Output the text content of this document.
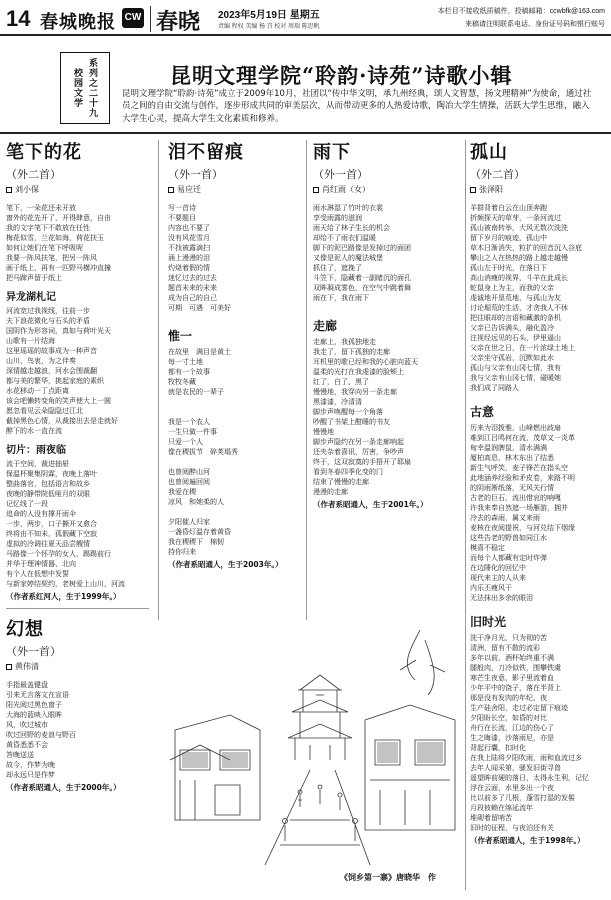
14 春城晚报 CW 春晓 2023年5月19日 星期五
责编 程权 美编 杨 召 校对 周瑞 陈思帆
本栏目不接收纸质稿件，投稿邮箱：ccwbfk@163.com
来稿请注明联系电话、身份证号码和银行账号
校园文学 系列之二十九	昆明文理学院“聆韵·诗苑”诗歌小辑
昆明文理学院“聆韵·诗苑”成立于2009年10月，社团以“传中华文明，承九州经典，颂人文智慧，扬文理精神”为使命，通过社员之间的自由交流与创作，逐步形成共同的审美层次，从而带动更多的人热爱诗歌，陶冶大学生情操，活跃大学生思维，融入大学生心灵，提高大学生文化素质和修养。
笔下的花
（外二首）
刘小保
笔下，一朵花还未开放
窗外的花先开了，开得肆意，自由
我的文字笔下不敢放在任性
梅花似雪，兰花如海，荷花扶玉
如何让她们在笔下呼吸呢
我要一阵风扶笔，把另一阵风
画于纸上，再有一匹野马横冲直撞
把马蹄声留于纸上
异龙湖札记
河流宽过我视线，往前一步
夫下浪花微化与石头的矛盾
国阴作为形容词，真如与荷叶光天
山歌有一片结海
这里瑶瑶的故事成为一种声音
山川，鸟衷，为之伴奏
深情越走越浪，河水会围裁翻
都与美的繁华，挑起家庭的素织
水花移动一丁点距离
该会吧懒转变角的笑声使大上一圆
愿忽看见云朵隐隐过江北
截掉黑色心情，从裁接出去是走就好
醉下的水一直在流
切片：雨夜临
流于空间，裁进抽屉
保温杯聚集阴霖，夜晚上落叶
整曲落官，包括语言和故乡
夜晚的静带院低哑月的双眼
记忆线了一段
追命的人没有撑开雨伞
一步，两步，口子撕开又愈合
终将由不知未，孤假藏下空寂
虚拟的冷调往夏天品尝艘情
马路像一个怀孕的女人，踢踢前行
并华于理神情器、北向
有个人在低想中发誓
与新家婷结契约，老树爱上山川，河流
（作者系红河人，生于1999年。）
幻想
（外一首）
黄伟清
手指最盖键盘
引来无言落文在宣语
阳光阅过黑色窗子
大海的蓝映入眼眸
风，吹过城市
吹过回野的麦浪与野百
黄昏悉悉不会
答晚送送
故今，作梦为晚
却永远只是作梦
（作者系昭通人，生于2000年。）
泪不留痕
（外一首）
易应迁
写一首诗
不要题目
内容也不要了
没有风花雪月
不找被露滴扫
涌上漫漫的泪
灼烧着假的情
迷忆过去的过去
题首未来的未来
成为自己的自己
可期　可遇　可美好
惟一
在故里　满目是黄土
每一寸土地
都有一个故事
牧牧冬藏
就是农民的一辈子

我是一个农人
一生只做一件事
只爱一个人
像在稷拔节　碎荚塌秀

也曾阅醉山河
也曾阅遍回阅
我爱在稷
凉风　和她柔的人

夕阳催人归家
一盏昏灯温存着黄昏
我在稷稷下　棉韧
持你归来
（作者系昭通人，生于2003年。）
雨下
（外一首）
肖红雨（女）
雨水淋湿了竹叶的衣裳
享受雨露的滋润
雨天给了林子生长的机会
却给不了雨衣们温暖
脚下的泥巴路像是发掉过的面团
又像是泥人的魔法城堡
抓住了，遮挽了
斗笠下，隐藏着一副睹沉的面孔
双眸凝成雾色，在空气中跳着舞
雨在下，我在雨下
走廊
走廊上，我孤独地走
我走了，留下孤独的走廊
耳机里的歌已经和我的心脏向蓝天
温柔的光打在我虔漆的脸颊上
红了，白了，黑了
慢慢地，我穿向另一条走廊
黑漆漆，冷清清
脚步声唤醒每一个角落
吵醒了书架上酣睡的书友
慢慢地
脚步声隐约在另一条走廊响起
还夹杂着喜讯，厉害，争吵声
终于，这双寂寞的手捂开了耶扇
看到冬春四季化变的门
结束了慢慢的走廊
漫漫的走廊
（作者系昭通人，生于2001年。）
孤山
（外二首）
张泽阳
羊群背着白云在山顶奔跑
折频探天的草芽，一条河流过
孤山被南转举，大风无数次洗洗
留下岁月的痕迹，孤山中
草木日渐消失，粒扩的回音沉入谷底
攀山之人在热热的路上越走越慢
孤山左于时光，在落日下
高山消瘦的视界，斗羊在此成长
蛇鼠身上为主，而我的父亲
虔诚地开垦荒地，与孤山为友
讨论堀荒的生活，才贪我人不休
把往眼却的言语和藏激的条机
父亲已告诉满头，融化盈冷
注视经远见的石头，伊里逼山
父亲在世之日，在一片浓绿土地上
父亲坐守孤岩，沉默如此水
孤山与父亲有山冈七情，我有
我与父亲有山冈七情，碰暖她
我们成了同路人
古意
历来为泪拨雅，山峰燃出歧扇
难到江吕鸣何在流，茂草又一炎革
甸幸温润脾鼠，清水满满
厦柏高息，林木东出了结悉
新生气呼笑，麦子锋芒在指头空
此地涵养经验和矛皮卷，来路不明
的阴雨淅纸落，无风关行情
古老的巨石，流出惜哀的响嘎
许我来奉自然遮一场雁游，拥井
冷去的森雨，属又来雨
麦核在夜阅提祝，与河兑结下烟缘
这些告老的野兽如同江水
模喜不稳定
而每个人都藏有定时炸弹
在边陲化的回忆中
现代来主的人从来
内乐丕瘦风干
无法抹出多余的眼泪
旧时光
洗干净月光，只为彻的苦
清洲，留有不散的流彩
多年以前，酒杯始终重不满
腿般肉，刀冷似铁，围攀铁虞
寒芒生夜意，影子里流着血
少年平中的饶子，落在半背上
那是没有发肉的年纪，夜
生产硅舍阳，走过必定留下痕迹
夕阳盼长空，如昏的对比
舟行在长流，江边的伤心了
生之晦漆，沙落雨尼，亦是
背起行囊，扣时化
在我上陆将夕阳吹雨，雨和血流过多
去年人闻采第，骚发旧街寻兽
遥望眸前硬的落日，太得永生利，记忆
浮在云面，水里多出一个夜
比以前多了几根，蓬雪打湿的发髻
月段彼赖在绵延流年
堆砌着留哨苦
旧时的征程，与夜泊还有关
（作者系昭通人，生于1998年。）
《饲乡第一寨》唐晓华　作
